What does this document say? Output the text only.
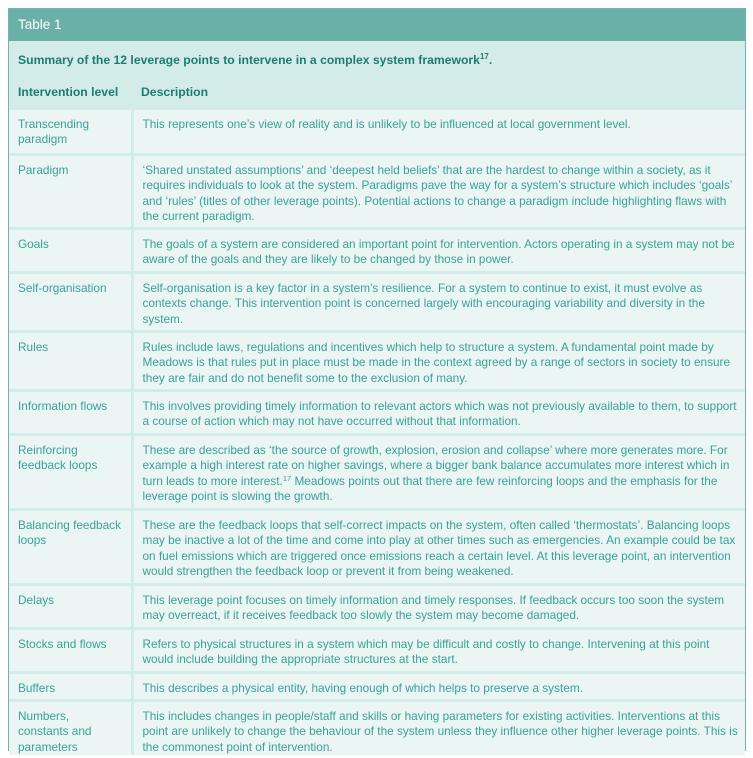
Table 1
Summary of the 12 leverage points to intervene in a complex system framework$^{17}$.
Intervention level	Description
Transcending paradigm	This represents one’s view of reality and is unlikely to be influenced at local government level.
Paradigm	‘Shared unstated assumptions’ and ‘deepest held beliefs’ that are the hardest to change within a society, as it requires individuals to look at the system. Paradigms pave the way for a system’s structure which includes ‘goals’ and ‘rules’ (titles of other leverage points). Potential actions to change a paradigm include highlighting flaws with the current paradigm.
Goals	The goals of a system are considered an important point for intervention. Actors operating in a system may not be aware of the goals and they are likely to be changed by those in power.
Self-organisation	Self-organisation is a key factor in a system’s resilience. For a system to continue to exist, it must evolve as contexts change. This intervention point is concerned largely with encouraging variability and diversity in the system.
Rules	Rules include laws, regulations and incentives which help to structure a system. A fundamental point made by Meadows is that rules put in place must be made in the context agreed by a range of sectors in society to ensure they are fair and do not benefit some to the exclusion of many.
Information flows	This involves providing timely information to relevant actors which was not previously available to them, to support a course of action which may not have occurred without that information.
Reinforcing feedback loops	These are described as ‘the source of growth, explosion, erosion and collapse’ where more generates more. For example a high interest rate on higher savings, where a bigger bank balance accumulates more interest which in turn leads to more interest.$^{17}$ Meadows points out that there are few reinforcing loops and the emphasis for the leverage point is slowing the growth.
Balancing feedback loops	These are the feedback loops that self-correct impacts on the system, often called ‘thermostats’. Balancing loops may be inactive a lot of the time and come into play at other times such as emergencies. An example could be tax on fuel emissions which are triggered once emissions reach a certain level. At this leverage point, an intervention would strengthen the feedback loop or prevent it from being weakened.
Delays	This leverage point focuses on timely information and timely responses. If feedback occurs too soon the system may overreact, if it receives feedback too slowly the system may become damaged.
Stocks and flows	Refers to physical structures in a system which may be difficult and costly to change. Intervening at this point would include building the appropriate structures at the start.
Buffers	This describes a physical entity, having enough of which helps to preserve a system.
Numbers, constants and parameters	This includes changes in people/staff and skills or having parameters for existing activities. Interventions at this point are unlikely to change the behaviour of the system unless they influence other higher leverage points. This is the commonest point of intervention.
